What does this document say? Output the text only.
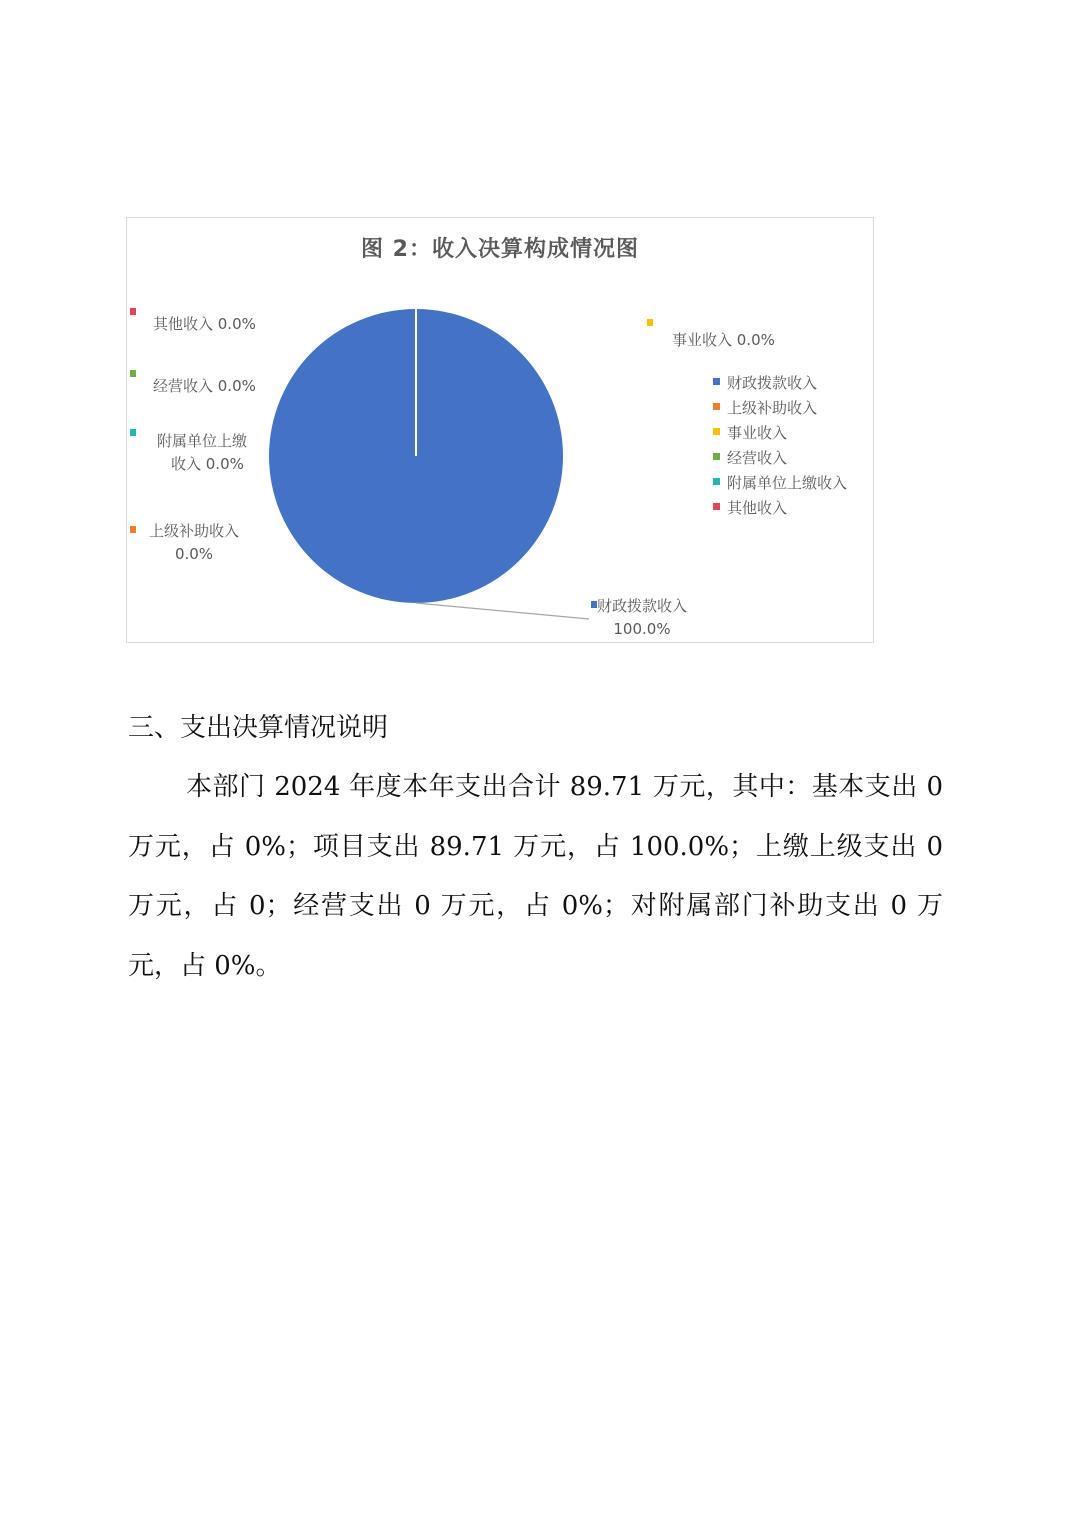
图 2：收入决算构成情况图
财政拨款收入
100.0%
上级补助收入
0.0%
事业收入 0.0%
经营收入 0.0%
附属单位上缴
收入 0.0%
其他收入 0.0%
财政拨款收入
上级补助收入
事业收入
经营收入
附属单位上缴收入
其他收入
三、支出决算情况说明

本部门 2024 年度本年支出合计 89.71 万元，其中：基本支出 0 万元，占 0%；项目支出 89.71 万元，占 100.0%；上缴上级支出 0 万元，占 0；经营支出 0 万元，占 0%；对附属部门补助支出 0 万元，占 0%。
